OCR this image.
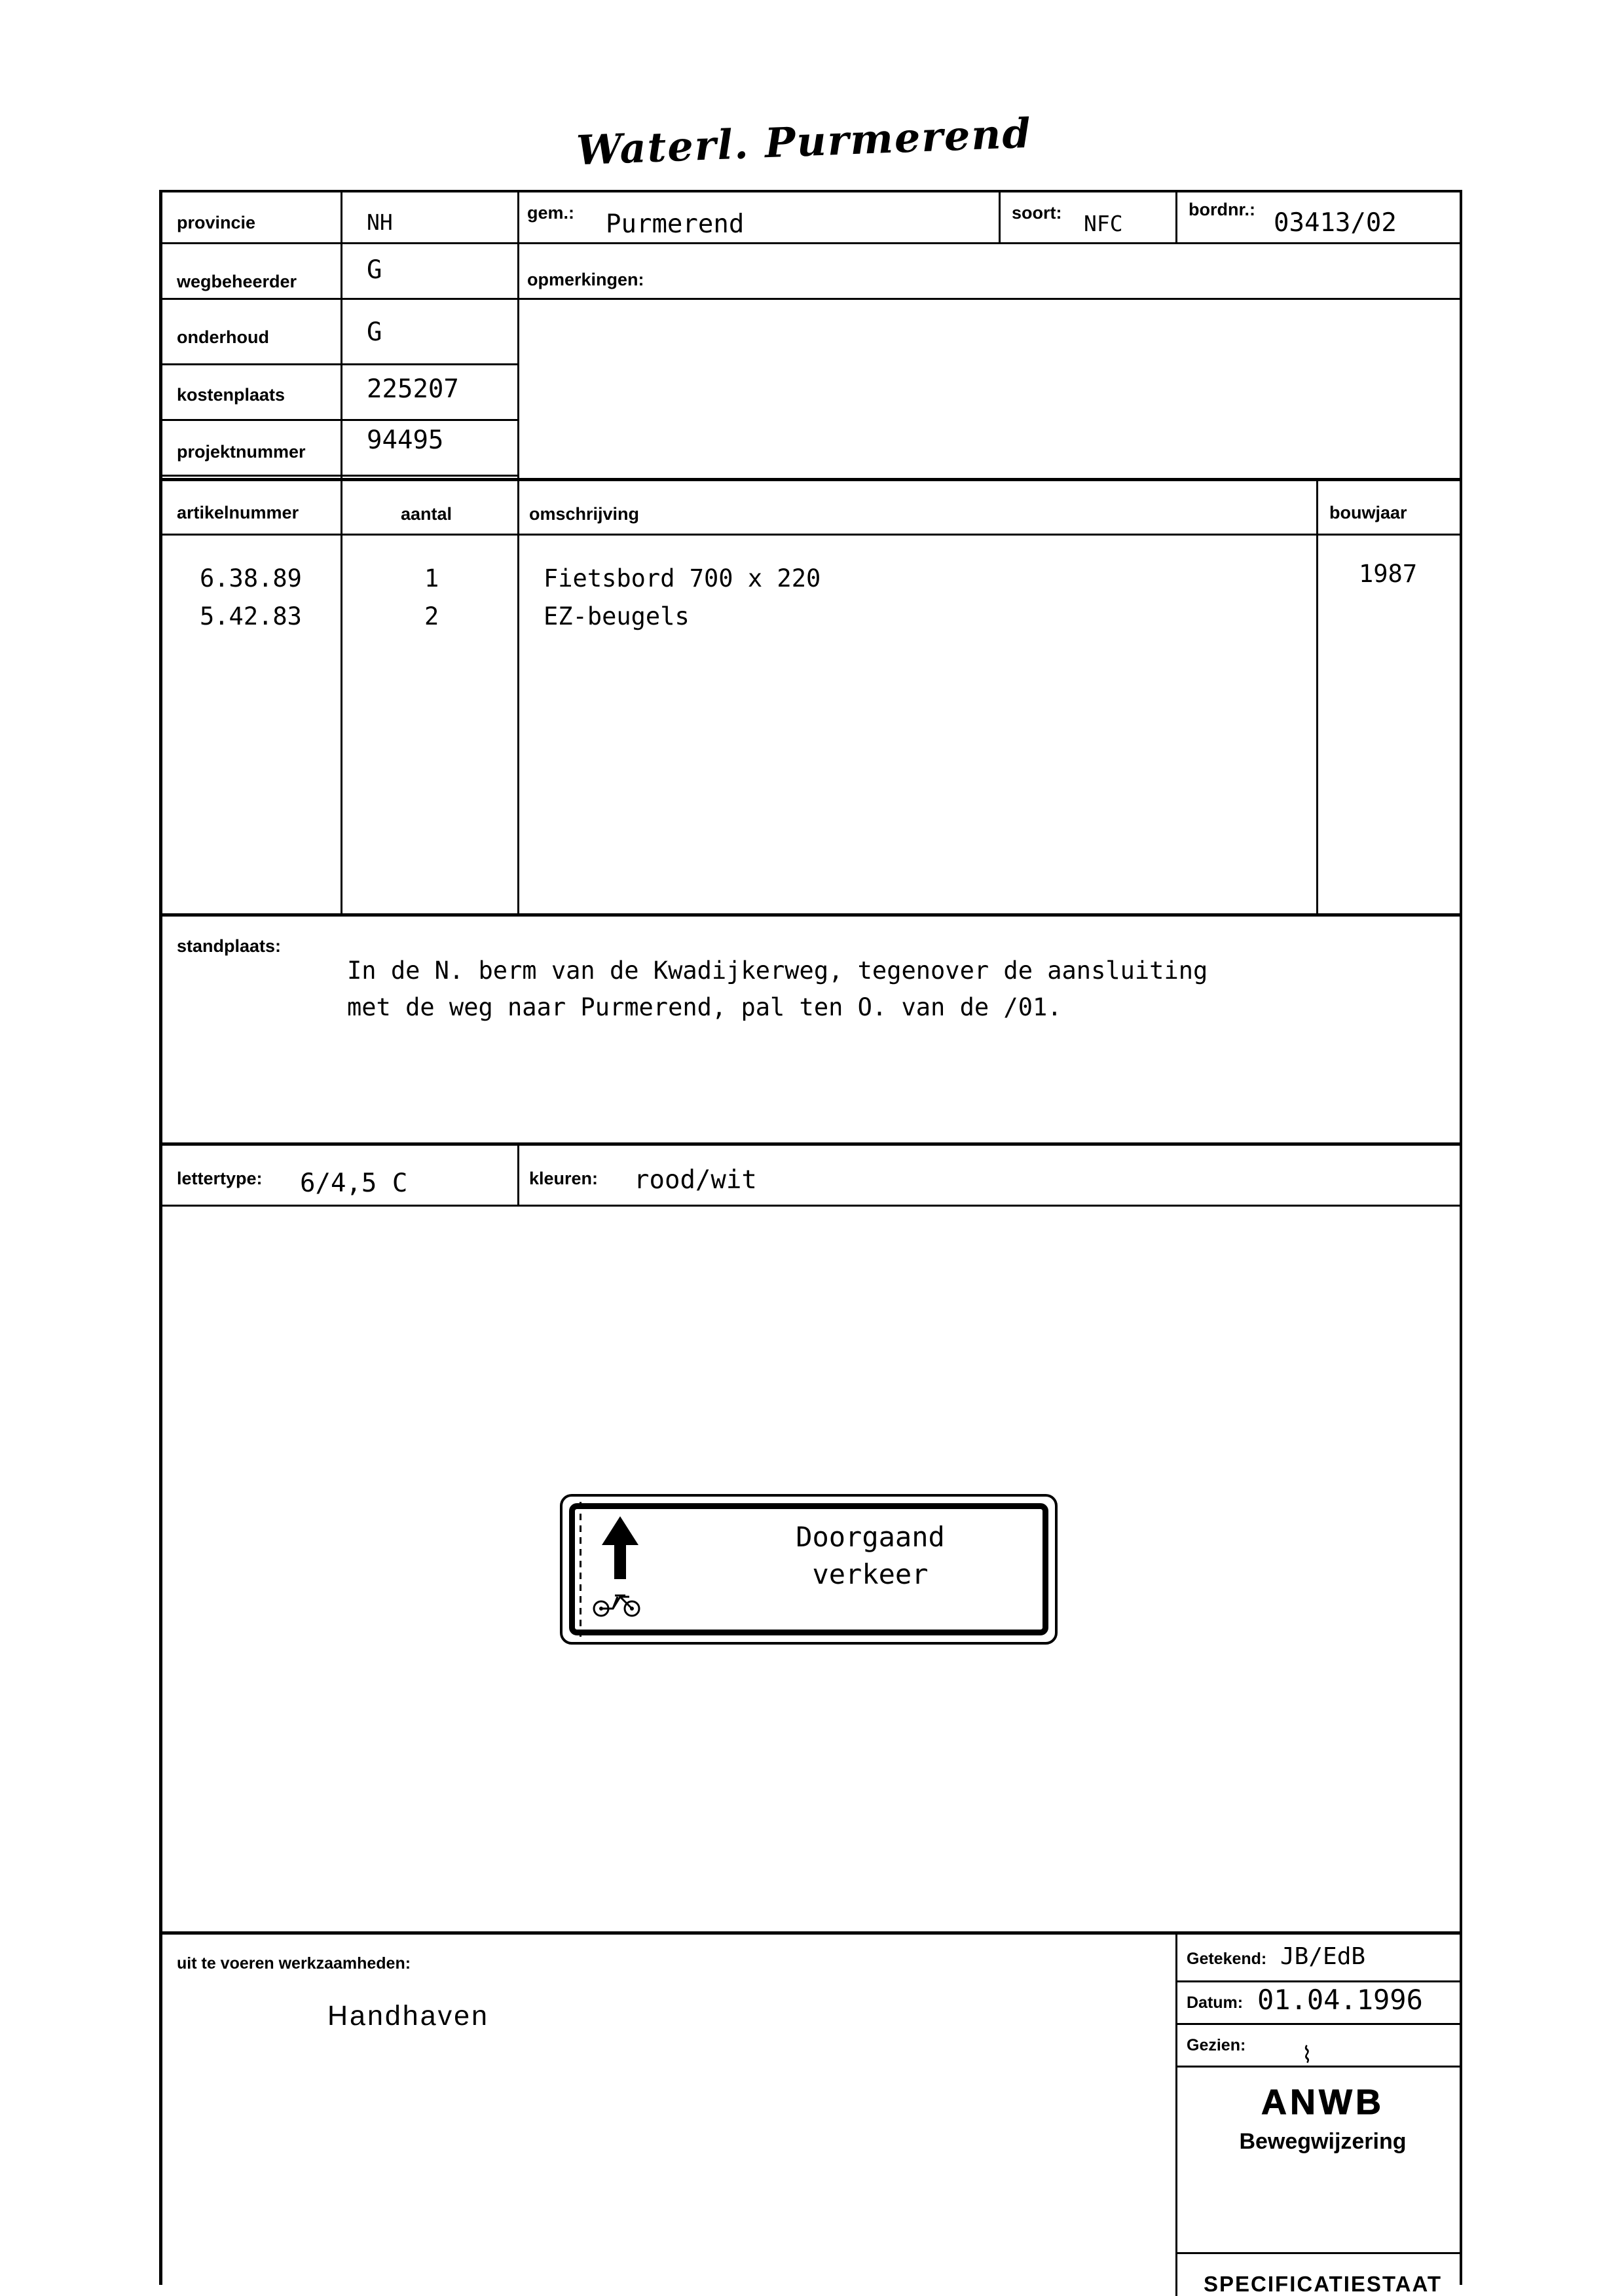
Waterl. Purmerend
provincie	NH	gem.: Purmerend	soort: NFC
bordnr.: 03413/02
wegbeheerder	G
onderhoud	G
kostenplaats	225207
projektnummer 94495
opmerkingen:
artikelnummer	aantal	omschrijving	bouwjaar
6.38.89	1	Fietsbord 700 x 220	1987
5.42.83	2	EZ-beugels
standplaats:
In de N. berm van de Kwadijkerweg, tegenover de aansluiting
met de weg naar Purmerend, pal ten O. van de /01.
lettertype: 6/4,5 C	kleuren: rood/wit
Doorgaand
verkeer
uit te voeren werkzaamheden:
Handhaven
Getekend: JB/EdB
Datum: 01.04.1996
Gezien: ⌇
ANWB
Bewegwijzering
SPECIFICATIESTAAT
